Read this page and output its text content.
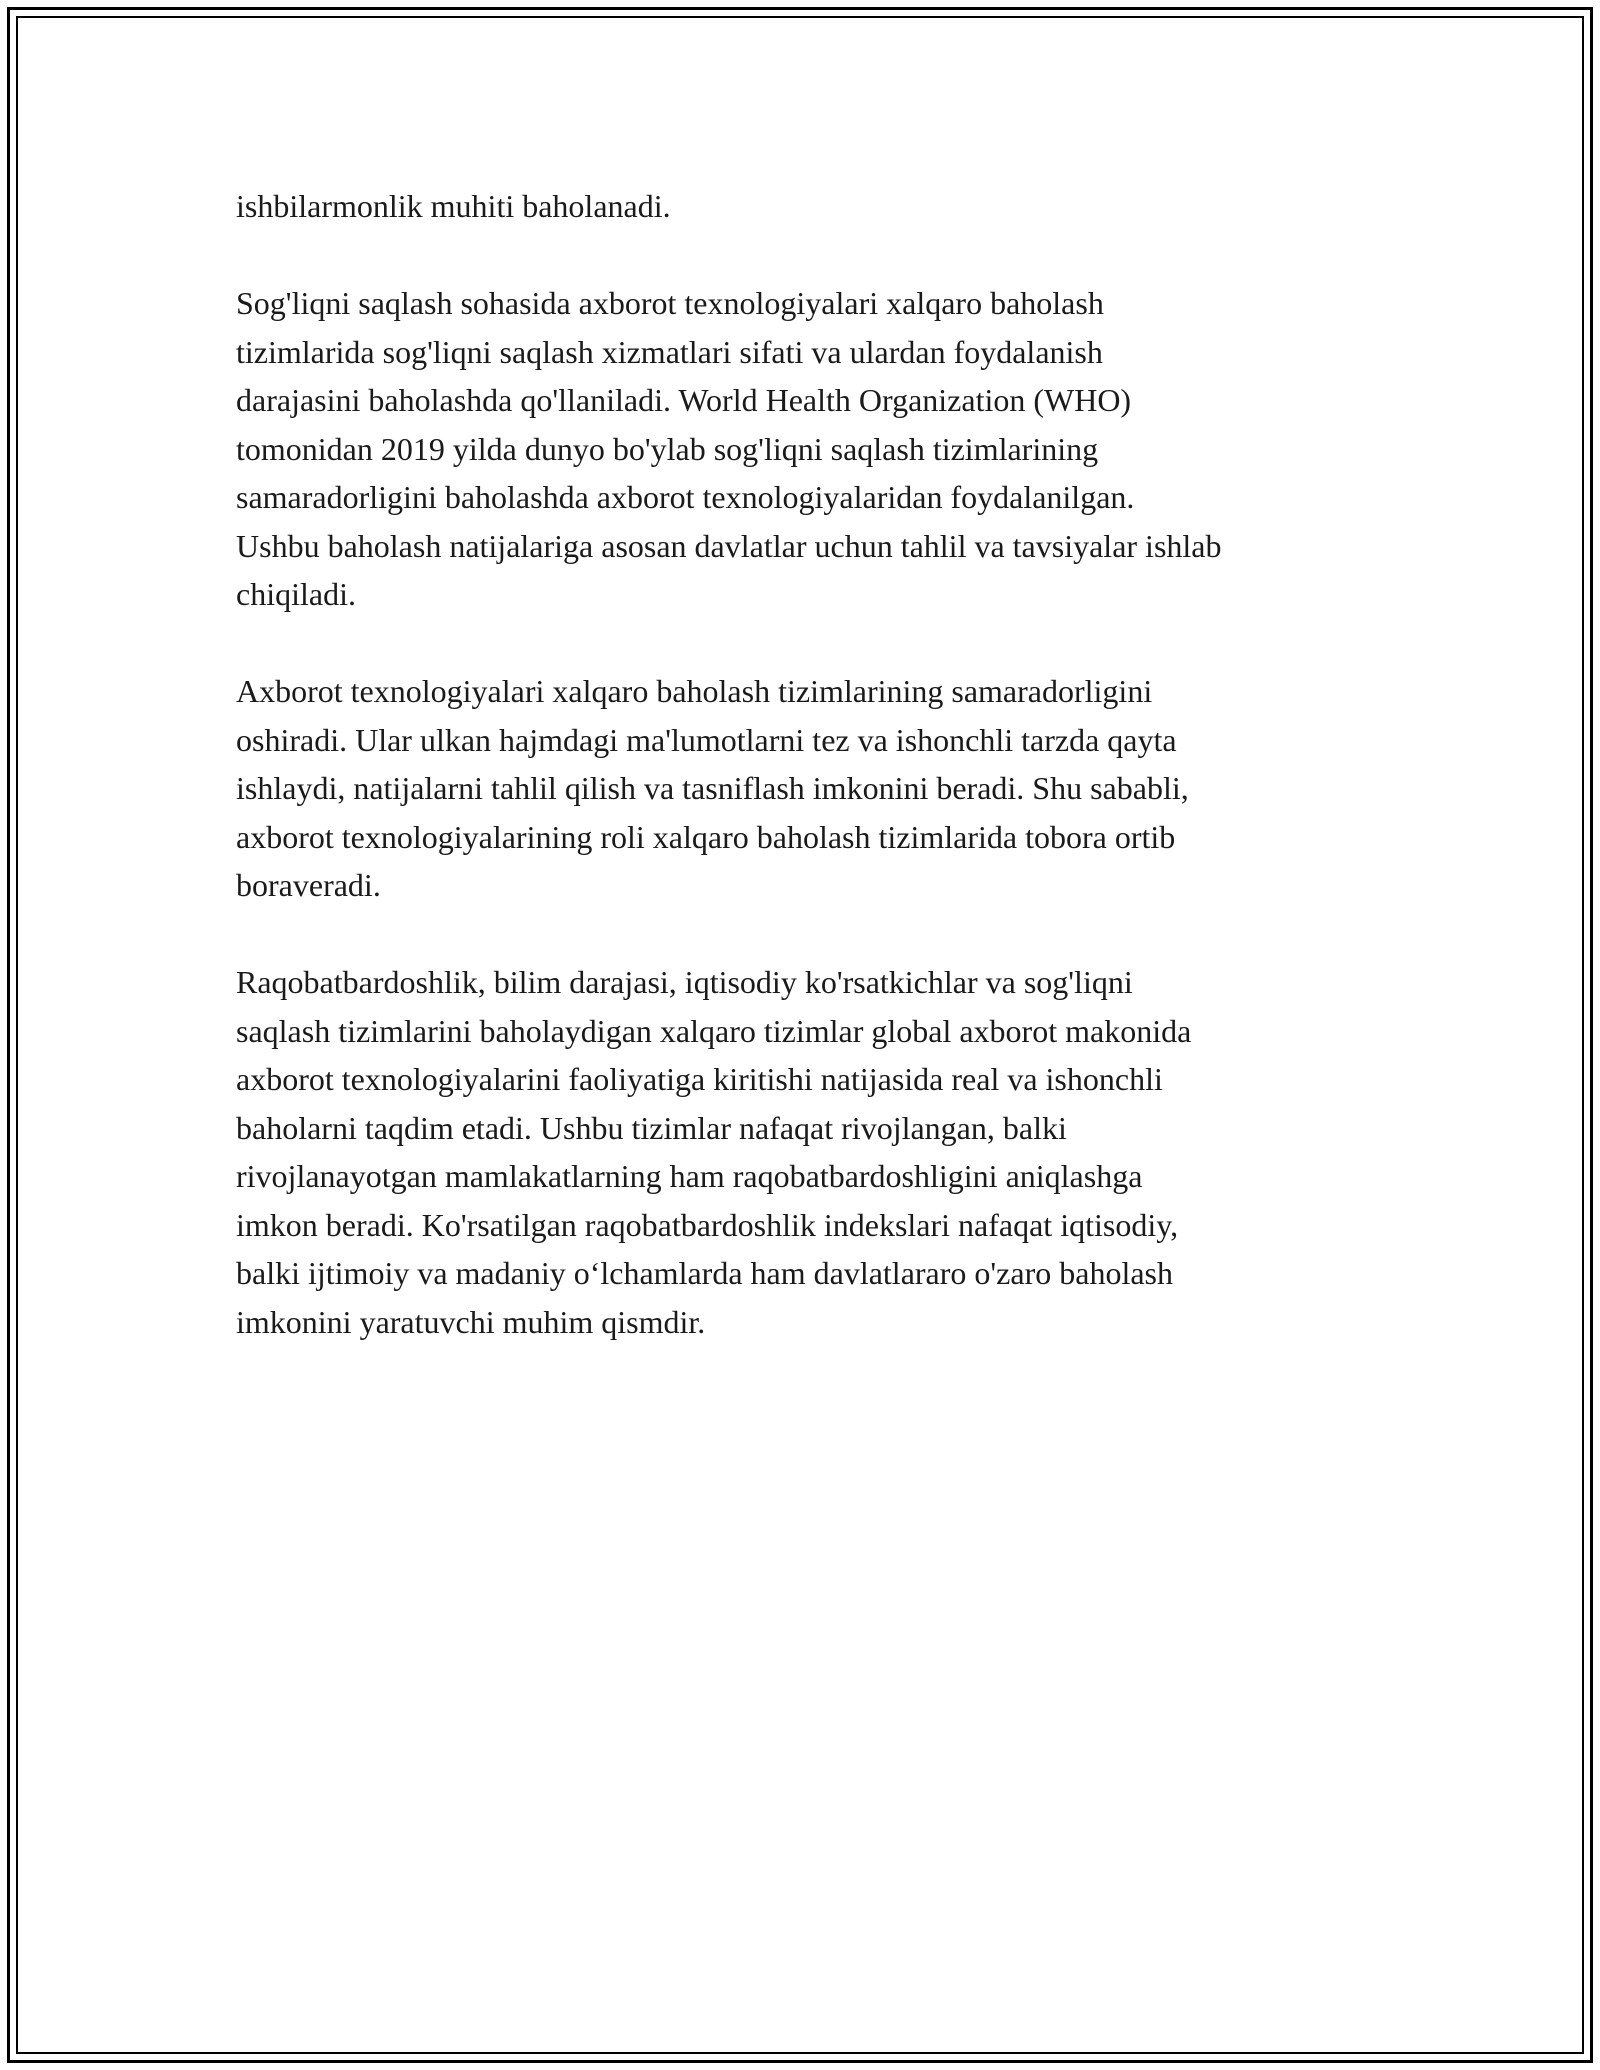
ishbilarmonlik muhiti baholanadi.
Sog'liqni saqlash sohasida axborot texnologiyalari xalqaro baholash
tizimlarida sog'liqni saqlash xizmatlari sifati va ulardan foydalanish
darajasini baholashda qo'llaniladi. World Health Organization (WHO)
tomonidan 2019 yilda dunyo bo'ylab sog'liqni saqlash tizimlarining
samaradorligini baholashda axborot texnologiyalaridan foydalanilgan.
Ushbu baholash natijalariga asosan davlatlar uchun tahlil va tavsiyalar ishlab
chiqiladi.
Axborot texnologiyalari xalqaro baholash tizimlarining samaradorligini
oshiradi. Ular ulkan hajmdagi ma'lumotlarni tez va ishonchli tarzda qayta
ishlaydi, natijalarni tahlil qilish va tasniflash imkonini beradi. Shu sababli,
axborot texnologiyalarining roli xalqaro baholash tizimlarida tobora ortib
boraveradi.
Raqobatbardoshlik, bilim darajasi, iqtisodiy ko'rsatkichlar va sog'liqni
saqlash tizimlarini baholaydigan xalqaro tizimlar global axborot makonida
axborot texnologiyalarini faoliyatiga kiritishi natijasida real va ishonchli
baholarni taqdim etadi. Ushbu tizimlar nafaqat rivojlangan, balki
rivojlanayotgan mamlakatlarning ham raqobatbardoshligini aniqlashga
imkon beradi. Ko'rsatilgan raqobatbardoshlik indekslari nafaqat iqtisodiy,
balki ijtimoiy va madaniy o‘lchamlarda ham davlatlararo o'zaro baholash
imkonini yaratuvchi muhim qismdir.
